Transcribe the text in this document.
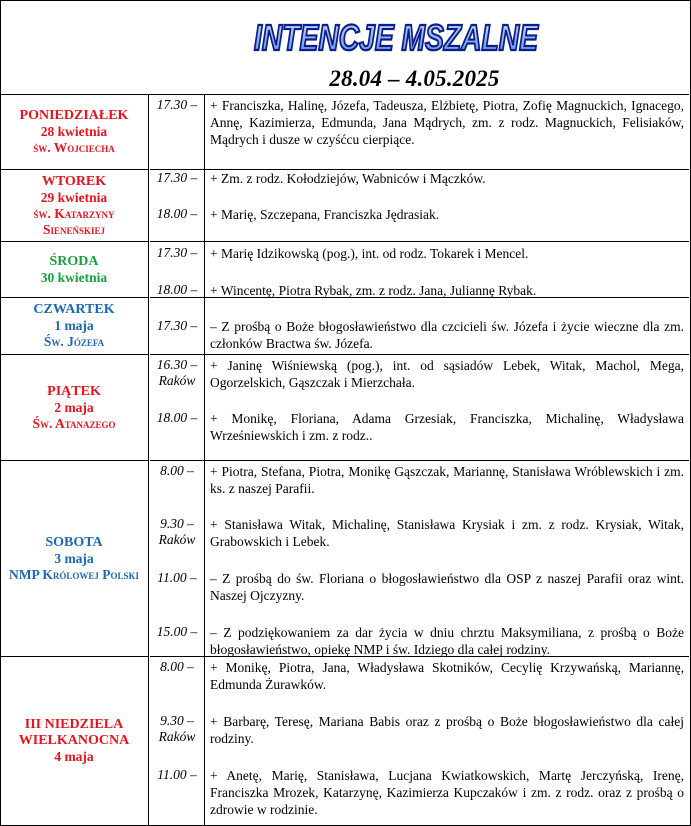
INTENCJE MSZALNE
28.04 – 4.05.2025
PONIEDZIAŁEK
28 kwietnia
św. Wojciecha
WTOREK
29 kwietnia
św. Katarzyny Sieneńskiej
ŚRODA
30 kwietnia
CZWARTEK
1 maja
Św. Józefa
PIĄTEK
2 maja
Św. Atanazego
SOBOTA
3 maja
NMP Królowej Polski
III NIEDZIELA WIELKANOCNA
4 maja
17.30 – + Franciszka, Halinę, Józefa, Tadeusza, Elżbietę, Piotra, Zofię Magnuckich, Ignacego, Annę, Kazimierza, Edmunda, Jana Mądrych, zm. z rodz. Magnuckich, Felisiaków, Mądrych i dusze w czyśćcu cierpiące.
17.30 – + Zm. z rodz. Kołodziejów, Wabniców i Mączków.
18.00 – + Marię, Szczepana, Franciszka Jędrasiak.
17.30 – + Marię Idzikowską (pog.), int. od rodz. Tokarek i Mencel.
18.00 – + Wincentę, Piotra Rybak, zm. z rodz. Jana, Juliannę Rybak.
17.30 – – Z prośbą o Boże błogosławieństwo dla czcicieli św. Józefa i życie wieczne dla zm. członków Bractwa św. Józefa.
16.30 –
Raków
+ Janinę Wiśniewską (pog.), int. od sąsiadów Lebek, Witak, Machol, Mega, Ogorzelskich, Gąszczak i Mierzchała.
18.00 – + Monikę, Floriana, Adama Grzesiak, Franciszka, Michalinę, Władysława Wrześniewskich i zm. z rodz..
8.00 –	+ Piotra, Stefana, Piotra, Monikę Gąszczak, Mariannę, Stanisława Wróblewskich i zm. ks. z naszej Parafii.
9.30 –
Raków
+ Stanisława Witak, Michalinę, Stanisława Krysiak i zm. z rodz. Krysiak, Witak, Grabowskich i Lebek.
11.00 – – Z prośbą do św. Floriana o błogosławieństwo dla OSP z naszej Parafii oraz wint. Naszej Ojczyzny.
15.00 – – Z podziękowaniem za dar życia w dniu chrztu Maksymiliana, z prośbą o Boże błogosławieństwo, opiekę NMP i św. Idziego dla całej rodziny.
8.00 –	+ Monikę, Piotra, Jana, Władysława Skotników, Cecylię Krzywańską, Mariannę, Edmunda Żurawków.
9.30 –
Raków
+ Barbarę, Teresę, Mariana Babis oraz z prośbą o Boże błogosławieństwo dla całej rodziny.
11.00 – + Anetę, Marię, Stanisława, Lucjana Kwiatkowskich, Martę Jerczyńską, Irenę, Franciszka Mrozek, Katarzynę, Kazimierza Kupczaków i zm. z rodz. oraz z prośbą o zdrowie w rodzinie.
